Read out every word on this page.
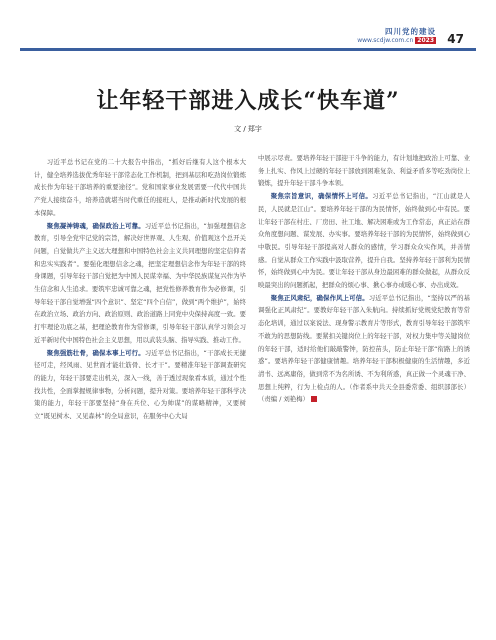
四川党的建设
www.scdjw.com.cn 2023 47
让年轻干部进入成长“快车道”
文 / 郑宇

习近平总书记在党的二十大报告中指出，“抓好后继有人这个根本大计，健全培养选拔优秀年轻干部常态化工作机制，把到基层和吃劲岗位锻炼成长作为年轻干部培养的重要途径”。党和国家事业发展需要一代代中国共产党人接续奋斗，培养造就堪当时代重任的接班人，是推动新时代发展的根本保障。

聚焦凝神铸魂，确保政治上可靠。习近平总书记指出，“加强理想信念教育，引导全党牢记党的宗旨，解决好世界观、人生观、价值观这个总开关问题，自觉做共产主义远大理想和中国特色社会主义共同理想的坚定信仰者和忠实实践者”。要强化理想信念之魂，把坚定理想信念作为年轻干部的终身课题，引导年轻干部自觉把为中国人民谋幸福、为中华民族谋复兴作为毕生信念和人生追求。要筑牢忠诚可靠之魂，把党性修养教育作为必修课，引导年轻干部自觉增强“四个意识”、坚定“四个自信”，做到“两个维护”，始终在政治立场、政治方向、政治原则、政治道路上同党中央保持高度一致。要打牢理论功底之基，把理论教育作为常修课，引导年轻干部认真学习领会习近平新时代中国特色社会主义思想，用以武装头脑、指导实践、推动工作。

聚焦强筋壮骨，确保本事上可行。习近平总书记指出，“干部成长无捷径可走，经风雨、见世面才能壮筋骨、长才干”。要精准年轻干部调查研究的能力，年轻干部要走出机关，深入一线，善于透过现象看本质，通过个性找共性，全面掌握规律事物，分析问题，提升对策。要培养年轻干部科学决策的能力，年轻干部要坚持“身在兵位、心为帅谋”的谋略精神，又要树立“既见树木、又见森林”的全局意识，在服务中心大局

中展示尽责。要培养年轻干部迎干斗争的能力，有计划地把政治上可靠、业务上扎实、作风上过硬的年轻干部放到困难复杂、利益矛盾多等吃劲岗位上锻炼，提升年轻干部斗争本领。

聚焦宗旨意识，确保情怀上可信。习近平总书记指出，“江山就是人民，人民就是江山”。要培养年轻干部的为民情怀，始终做到心中有民。要让年轻干部在村庄、厂房田、社工地、解决困难或为工作常态，真正站在群众角度想问题、谋发展、办实事。要培养年轻干部的为民情怀，始终做到心中敬民。引导年轻干部提高对人群众的感情，学习群众众实作风，并善情感。自觉从群众工作实践中汲取营养，提升自我。坚持养年轻干部利为民情怀，始终做到心中为民。要让年轻干部从身边最困难的群众做起，从群众反映最突出的问题抓起，把群众的烦心事、揪心事办成暖心事、办出成效。

聚焦正风肃纪，确保作风上可信。习近平总书记指出，“坚持以严的基调强化正风肃纪”。要教好年轻干部入朱航向。持续抓好党规党纪教育等常态化培训，通过以案说法、现身警示教育片等形式，教育引导年轻干部筑牢不敢为的思想防线。要紧扣关键岗位上的年轻干部，对权力集中等关键岗位的年轻干部，适时给他们敲敲警钟，防控苗头，防止年轻干部“衔路上的诱惑”。要培养年轻干部健康情趣。培养年轻干部积极健康的生活情趣，多近清书、远离庸俗，做到常不为名所诱、不为利所惑，真正做一个灵魂干净、思想上纯粹，行为上检点的人。（作者系中共天全县委常委、组织部部长）（责编 / 刘艳梅）
